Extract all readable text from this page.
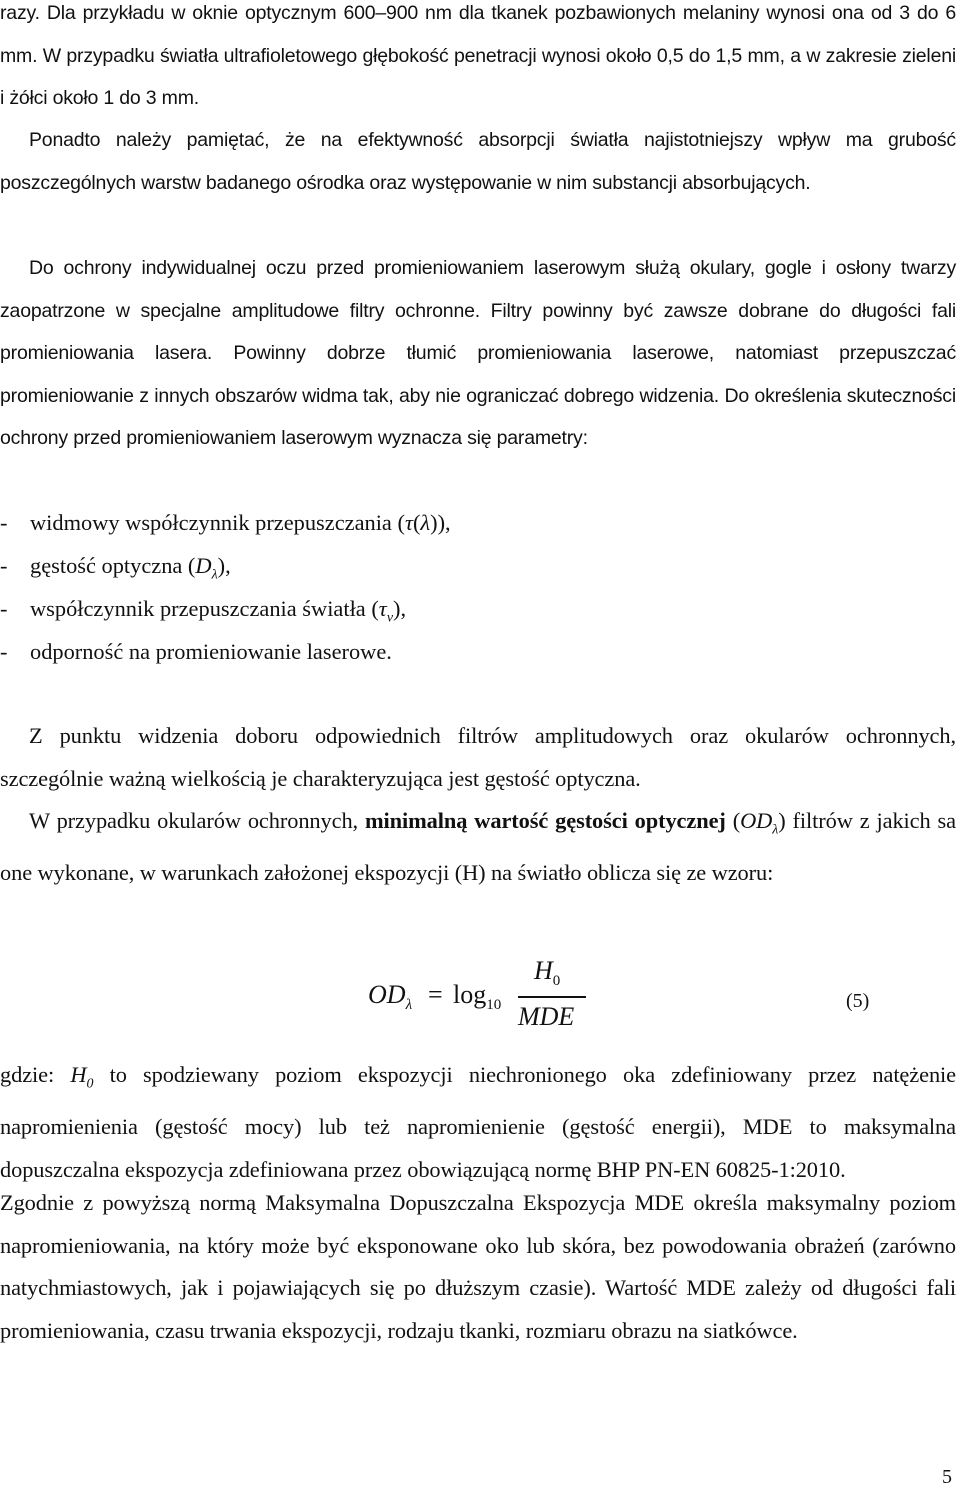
razy. Dla przykładu w oknie optycznym 600–900 nm dla tkanek pozbawionych melaniny wynosi ona od 3 do 6 mm. W przypadku światła ultrafioletowego głębokość penetracji wynosi około 0,5 do 1,5 mm, a w zakresie zieleni i żółci około 1 do 3 mm.

Ponadto należy pamiętać, że na efektywność absorpcji światła najistotniejszy wpływ ma grubość poszczególnych warstw badanego ośrodka oraz występowanie w nim substancji absorbujących.

Do ochrony indywidualnej oczu przed promieniowaniem laserowym służą okulary, gogle i osłony twarzy zaopatrzone w specjalne amplitudowe filtry ochronne. Filtry powinny być zawsze dobrane do długości fali promieniowania lasera. Powinny dobrze tłumić promieniowania laserowe, natomiast przepuszczać promieniowanie z innych obszarów widma tak, aby nie ograniczać dobrego widzenia. Do określenia skuteczności ochrony przed promieniowaniem laserowym wyznacza się parametry:

- widmowy współczynnik przepuszczania (τ(λ)),
- gęstość optyczna $(D_\lambda)$,
- współczynnik przepuszczania światła $(\tau_v)$,
- odporność na promieniowanie laserowe.

Z punktu widzenia doboru odpowiednich filtrów amplitudowych oraz okularów ochronnych, szczególnie ważną wielkością je charakteryzująca jest gęstość optyczna.

W przypadku okularów ochronnych, minimalną wartość gęstości optycznej $(OD_\lambda)$ filtrów z jakich sa one wykonane, w warunkach założonej ekspozycji (H) na światło oblicza się ze wzoru:

$OD_\lambda = \log_{10}$
$H_0$
MDE
(5)

gdzie: $H_0$ to spodziewany poziom ekspozycji niechronionego oka zdefiniowany przez natężenie napromienienia (gęstość mocy) lub też napromienienie (gęstość energii), MDE to maksymalna dopuszczalna ekspozycja zdefiniowana przez obowiązującą normę BHP PN-EN 60825-1:2010.

Zgodnie z powyższą normą Maksymalna Dopuszczalna Ekspozycja MDE określa maksymalny poziom napromieniowania, na który może być eksponowane oko lub skóra, bez powodowania obrażeń (zarówno natychmiastowych, jak i pojawiających się po dłuższym czasie). Wartość MDE zależy od długości fali promieniowania, czasu trwania ekspozycji, rodzaju tkanki, rozmiaru obrazu na siatkówce.

5
